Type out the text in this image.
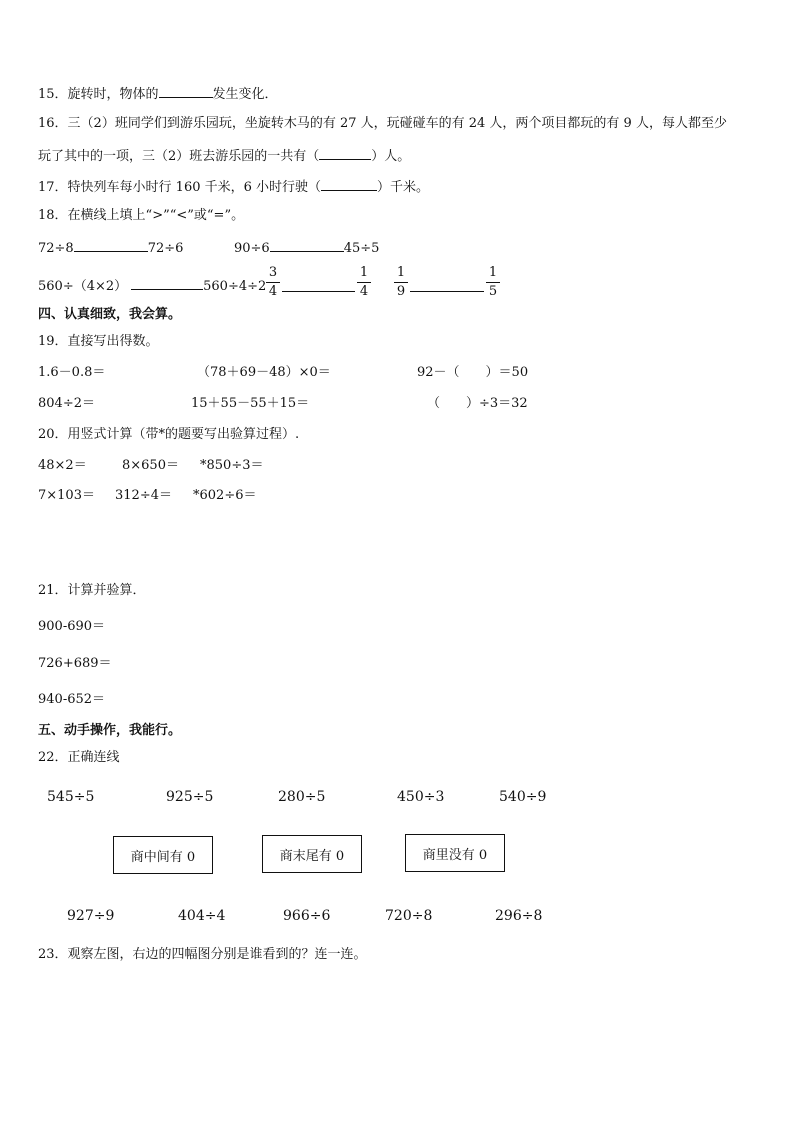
15．旋转时，物体的	发生变化．
16．三（2）班同学们到游乐园玩，坐旋转木马的有 27 人，玩碰碰车的有 24 人，两个项目都玩的有 9 人，每人都至少
玩了其中的一项，三（2）班去游乐园的一共有（	）人。
17．特快列车每小时行 160 千米，6 小时行驶（	）千米。
18．在横线上填上“>”“<”或“=”。
72÷8	72÷6	90÷6	45÷5
560÷（4×2）	560÷4÷2
3
4
1
4
1
9
1
5
四、认真细致，我会算。
19．直接写出得数。
1.6－0.8＝	（78＋69－48）×0＝	92－（　　）＝50
804÷2＝	15＋55－55＋15＝	（　　）÷3＝32
20．用竖式计算（带*的题要写出验算过程）.
48×2＝	8×650＝ *850÷3＝
7×103＝ 312÷4＝ *602÷6＝
21．计算并验算．
900-690＝
726+689＝
940-652＝
五、动手操作，我能行。
22．正确连线
545÷5	925÷5	280÷5	450÷3	540÷9
商中间有 0	商末尾有 0	商里没有 0
927÷9	404÷4	966÷6	720÷8	296÷8
23．观察左图，右边的四幅图分别是谁看到的？连一连。
